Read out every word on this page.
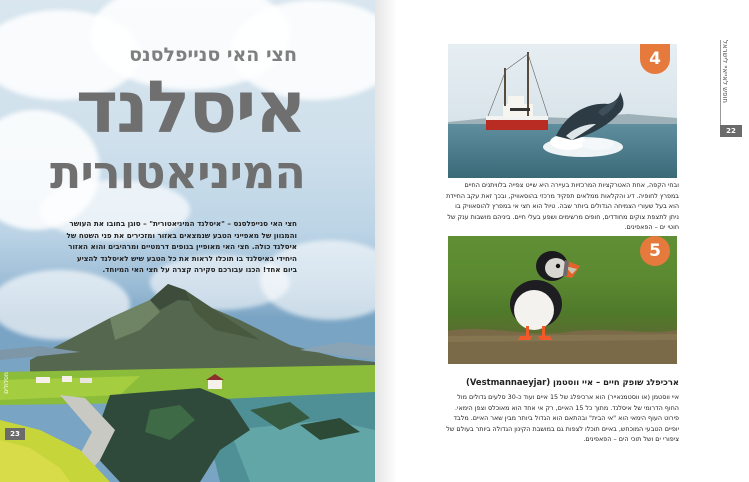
חצי האי סנייפלסנס
איסלנד
המיניאטורית
חצי האי סנייפלסנס – "איסלנד המיניאטורית" – סוגן בחובו את העושר והמגוון של מאפייני הטבע שנמצאים באזור ומזכירים את פני השטח של איסלנד כולה. חצי האי מאופיין בנופים דרמטיים ומרהיבים והוא האזור היחידי באיסלנד בו תוכלו לראות את כל הטבע שיש לאיסלנד להציע ביום אחד! הכנו עבורכם סקירה קצרה על חצי האי המיוחד.
מסלולים
23
4
ובחי הקפה, אחת האטרקציות המרכזיות בעיירה היא שייט צפייה בלוויתנים החיים במפרץ לחופיה. דיג והקלאות ממלאים תפקיד מרכזי בהוסאוויק, ובכך זאת עקב החיידת הוא בעל שעורי הצמיחה הגדולים ביותר שבה. טיול הוא חצי אי במפרץ להוסאוויק בו ניתן לתצפת צוקים מחודדים, חופים מרשימים ושפע בעלי חיים. ביניהם מושבות ענק של חוטי ים – הפאפינים.
5
ארכיפלג שופק חיים – איי ווסטמן (Vestmannaeyjar)
איי ווסטמן (או ווסטמנאייר) הוא ארכיפלג של 15 איים ועוד כ-30 סלעים גדולים מול החוף הדרומי של איסלנד. מתוך כל 15 האיים, רק אי אחד הוא מאוכלס וצפן הימאי. פירוט העוף הימאי הוא "אי הבית" ובהתאם הוא הגדול ביותר מבין שאר האיים. מלבד יופיים הטבעי המוכחש, באיים תוכלו לצפות גם במושבת הקינון הגדולה ביותר בעולם של ציפורי ים ושל תוכי הים – הפאפינים.
חופש לאייאיי לישראל
22
